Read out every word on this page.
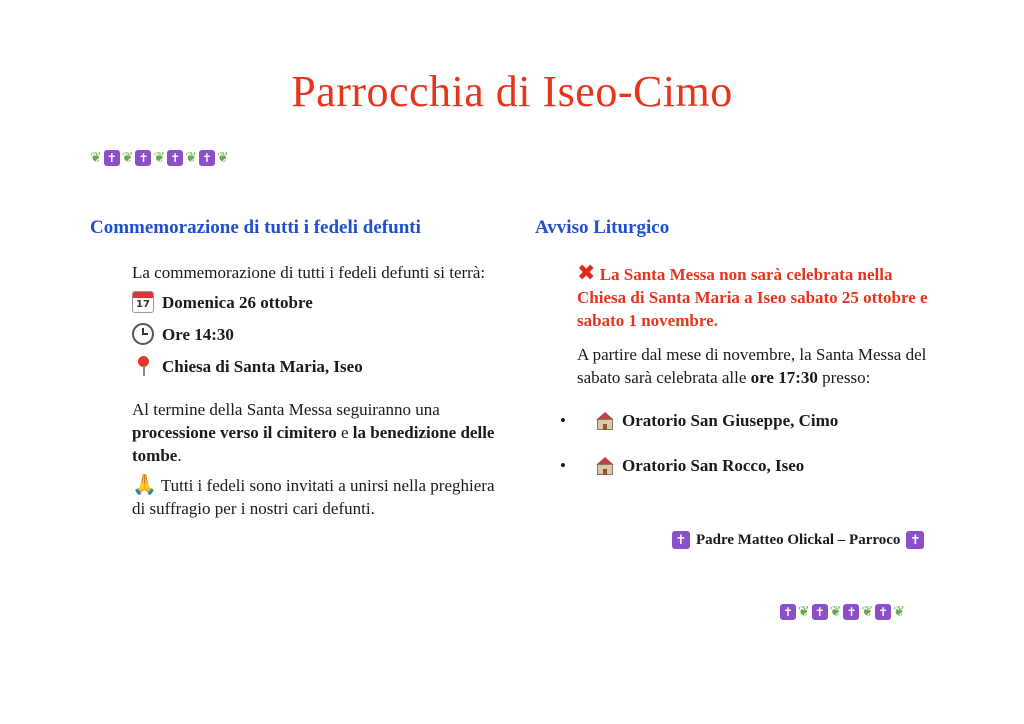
Parrocchia di Iseo-Cimo
❦ ✝ ❦ ✝ ❦ ✝ ❦ ✝ ❦
Commemorazione di tutti i fedeli defunti
La commemorazione di tutti i fedeli defunti si terrà:
17 Domenica 26 ottobre
Ore 14:30
Chiesa di Santa Maria, Iseo
Al termine della Santa Messa seguiranno una processione verso il cimitero e la benedizione delle tombe.
🙏 Tutti i fedeli sono invitati a unirsi nella preghiera di suffragio per i nostri cari defunti.
Avviso Liturgico
✖ La Santa Messa non sarà celebrata nella Chiesa di Santa Maria a Iseo sabato 25 ottobre e sabato 1 novembre.
A partire dal mese di novembre, la Santa Messa del sabato sarà celebrata alle ore 17:30 presso:
•	Oratorio San Giuseppe, Cimo
•	Oratorio San Rocco, Iseo
✝ Padre Matteo Olickal – Parroco ✝
✝ ❦ ✝ ❦ ✝ ❦ ✝ ❦
